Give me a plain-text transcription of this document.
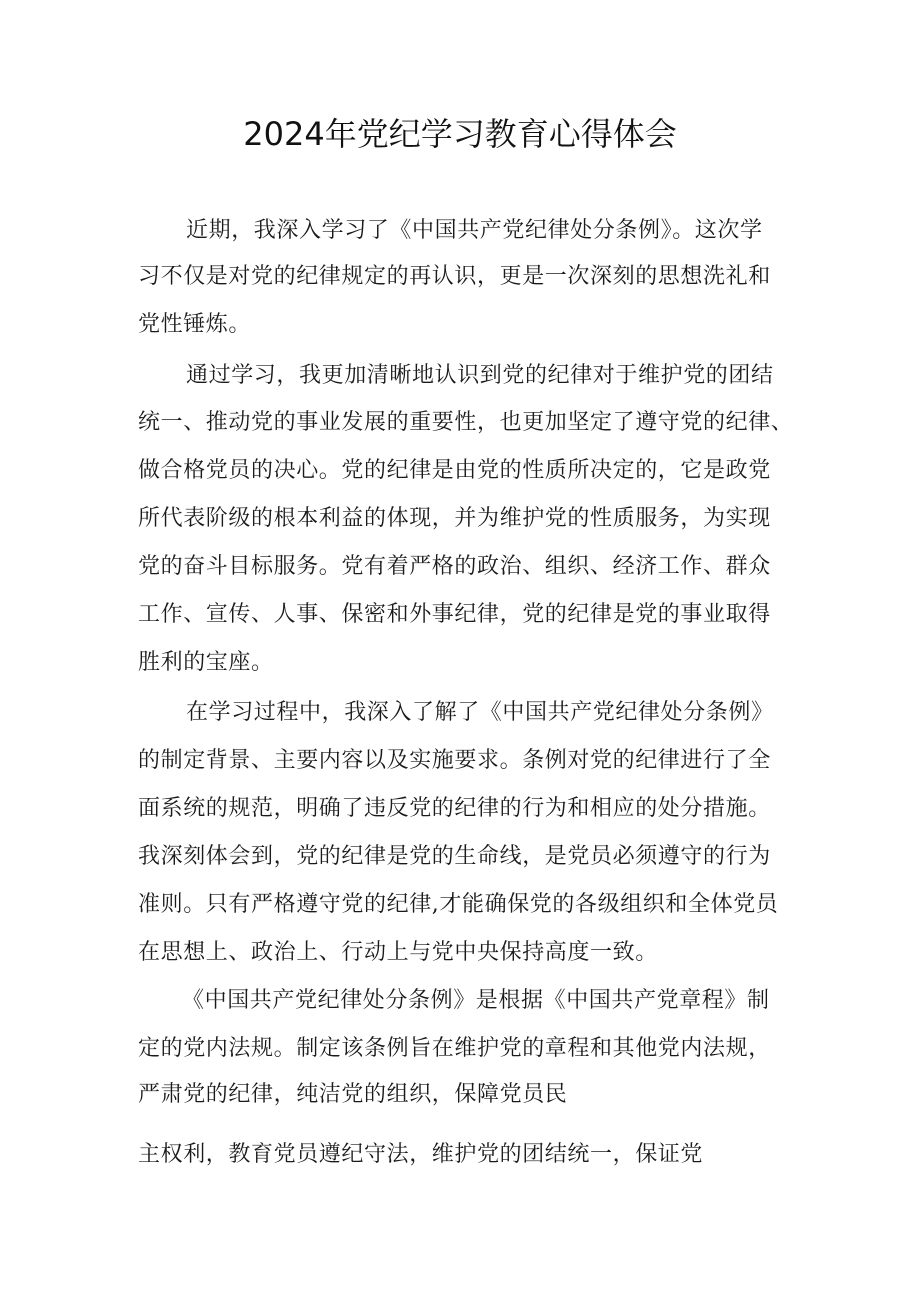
2024年党纪学习教育心得体会

近期，我深入学习了《中国共产党纪律处分条例》。这次学

习不仅是对党的纪律规定的再认识，更是一次深刻的思想洗礼和

党性锤炼。

通过学习，我更加清晰地认识到党的纪律对于维护党的团结

统一、推动党的事业发展的重要性，也更加坚定了遵守党的纪律、

做合格党员的决心。党的纪律是由党的性质所决定的，它是政党

所代表阶级的根本利益的体现，并为维护党的性质服务，为实现

党的奋斗目标服务。党有着严格的政治、组织、经济工作、群众

工作、宣传、人事、保密和外事纪律，党的纪律是党的事业取得

胜利的宝座。

在学习过程中，我深入了解了《中国共产党纪律处分条例》

的制定背景、主要内容以及实施要求。条例对党的纪律进行了全

面系统的规范，明确了违反党的纪律的行为和相应的处分措施。

我深刻体会到，党的纪律是党的生命线，是党员必须遵守的行为

准则。只有严格遵守党的纪律,才能确保党的各级组织和全体党员

在思想上、政治上、行动上与党中央保持高度一致。

《中国共产党纪律处分条例》是根据《中国共产党章程》制

定的党内法规。制定该条例旨在维护党的章程和其他党内法规，

严肃党的纪律，纯洁党的组织，保障党员民

主权利，教育党员遵纪守法，维护党的团结统一，保证党
